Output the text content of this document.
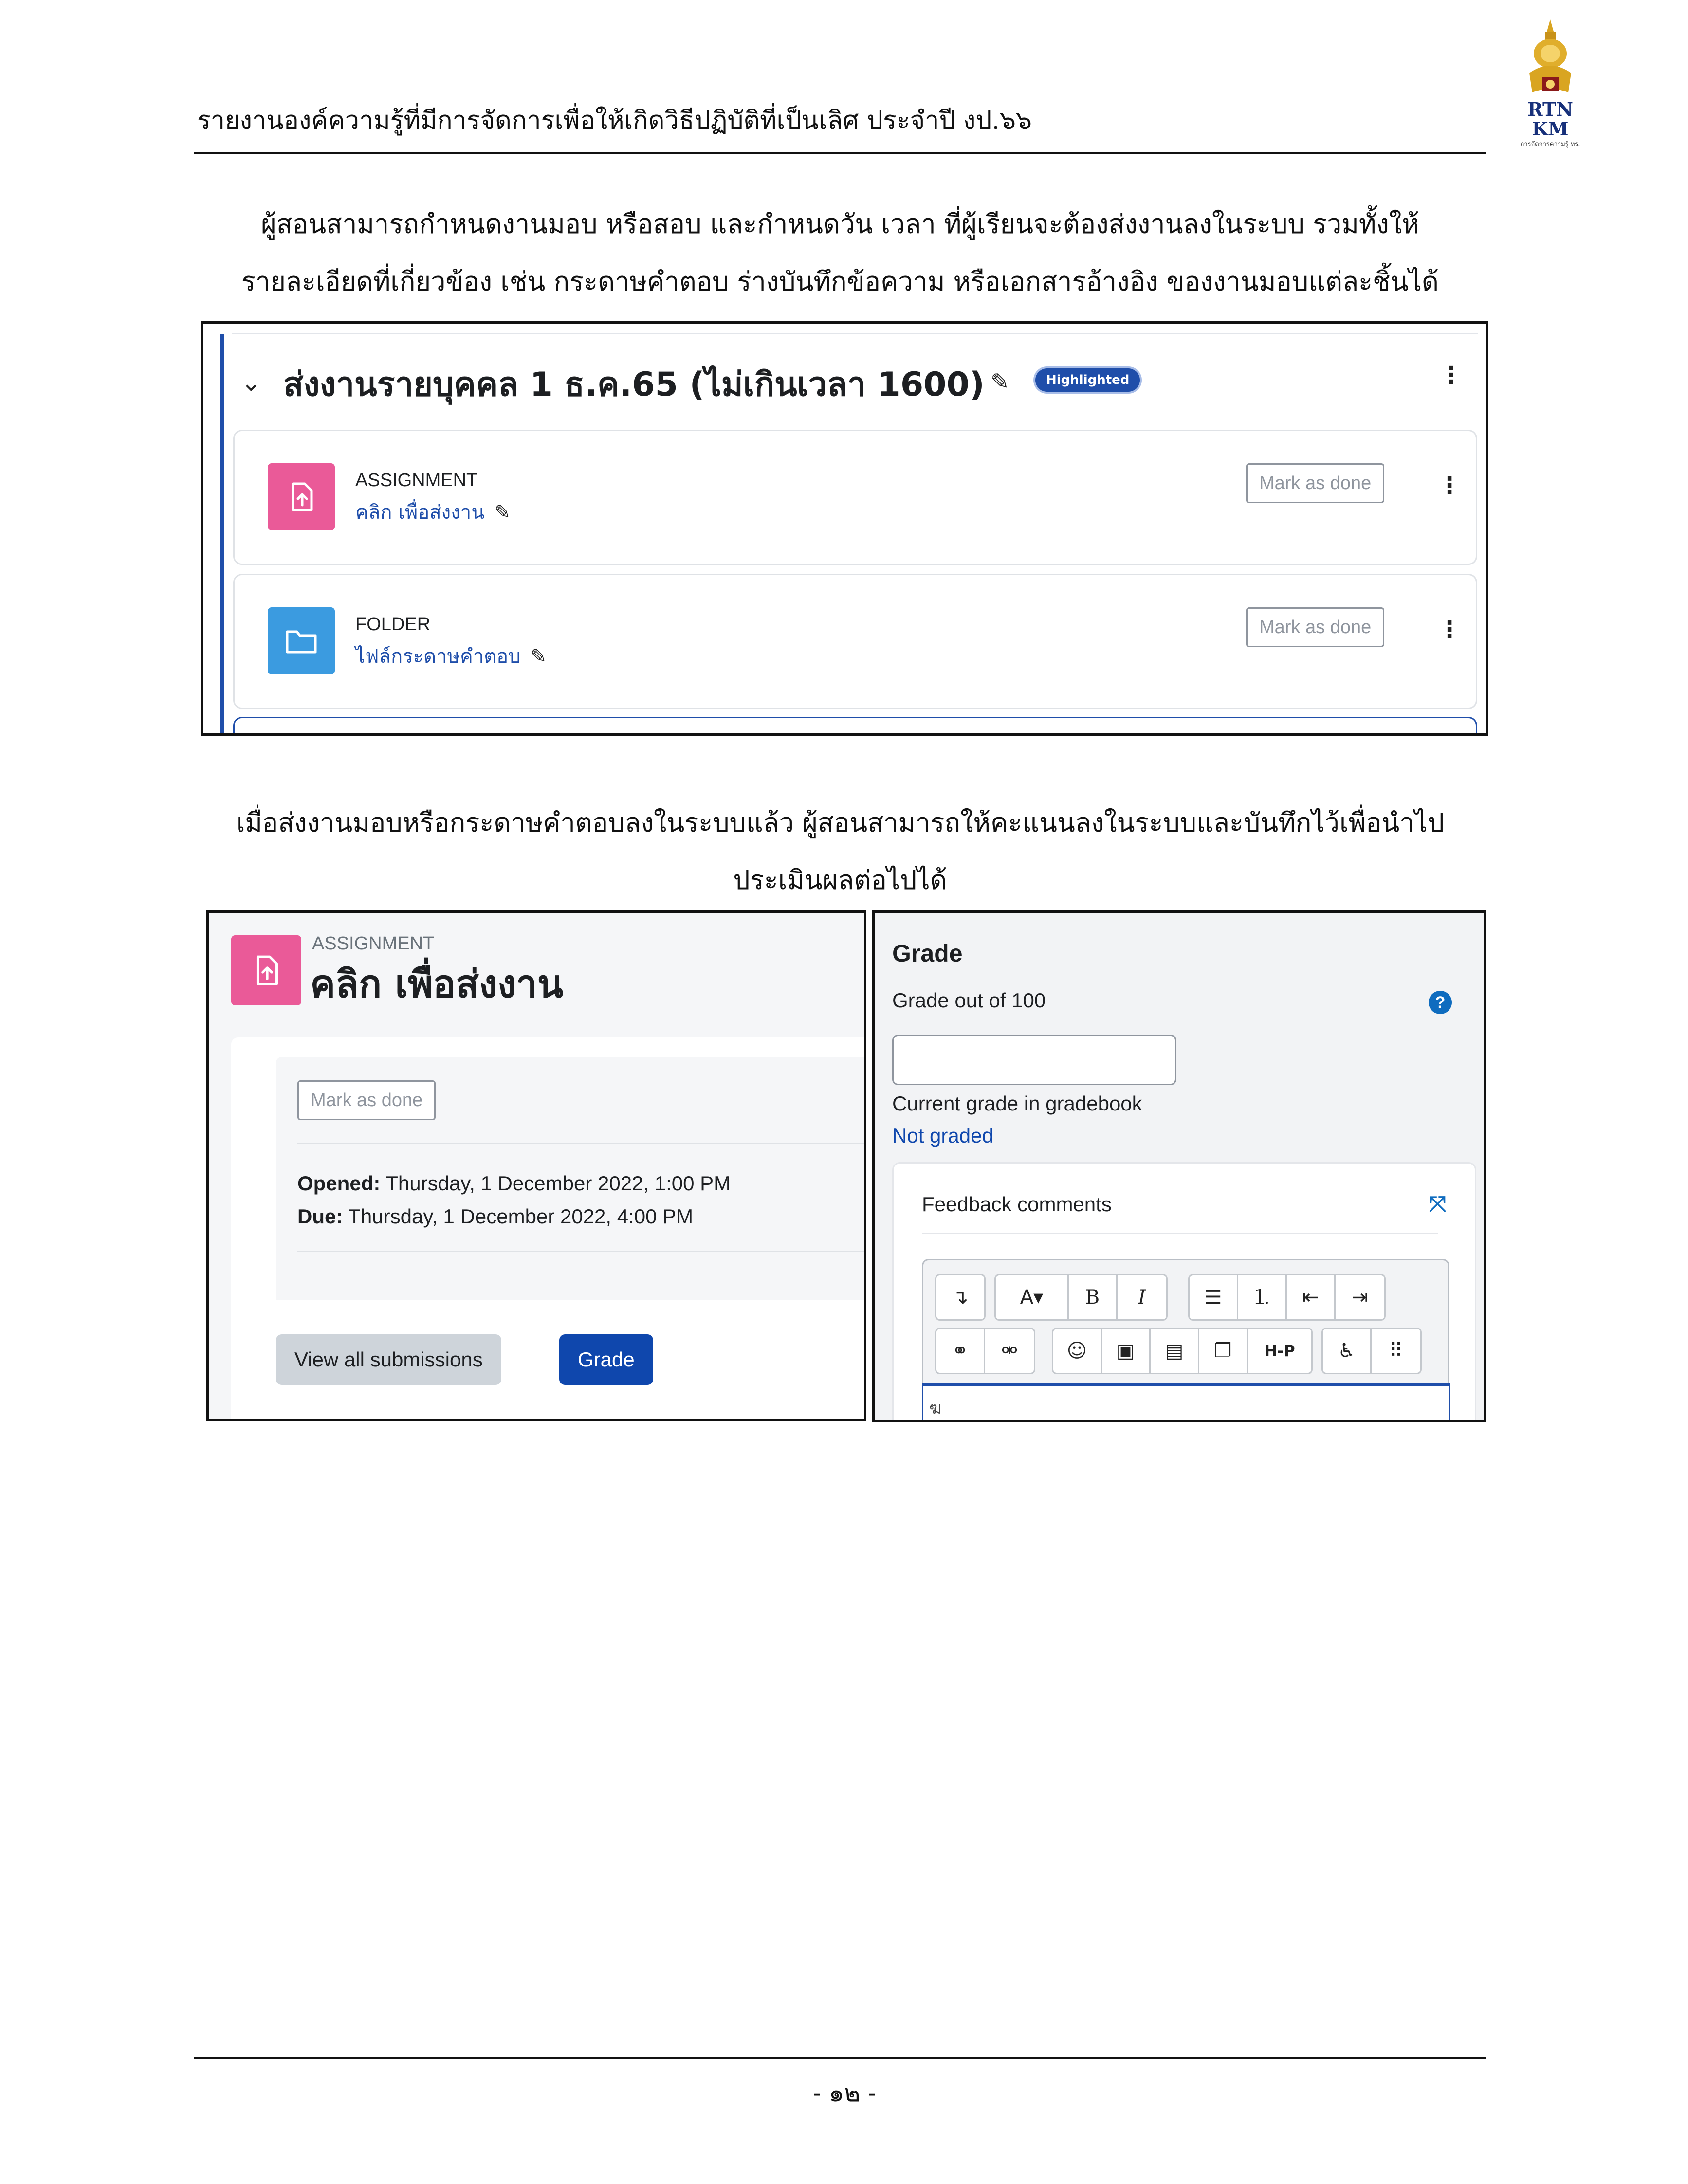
รายงานองค์ความรู้ที่มีการจัดการเพื่อให้เกิดวิธีปฏิบัติที่เป็นเลิศ ประจำปี งป.๖๖	RTN KM
การจัดการความรู้ ทร.

ผู้สอนสามารถกำหนดงานมอบ หรือสอบ และกำหนดวัน เวลา ที่ผู้เรียนจะต้องส่งงานลงในระบบ รวมทั้งให้

รายละเอียดที่เกี่ยวข้อง เช่น กระดาษคำตอบ ร่างบันทึกข้อความ หรือเอกสารอ้างอิง ของงานมอบแต่ละชิ้นได้

⌄ ส่งงานรายบุคคล 1 ธ.ค.65 (ไม่เกินเวลา 1600) ✎	Highlighted	⋮
ASSIGNMENT
คลิก เพื่อส่งงาน ✎
Mark as done	⋮
FOLDER
ไฟล์กระดาษคำตอบ ✎
Mark as done	⋮

เมื่อส่งงานมอบหรือกระดาษคำตอบลงในระบบแล้ว ผู้สอนสามารถให้คะแนนลงในระบบและบันทึกไว้เพื่อนำไป

ประเมินผลต่อไปได้

ASSIGNMENT
คลิก เพื่อส่งงาน
Mark as done
Opened: Thursday, 1 December 2022, 1:00 PM
Due: Thursday, 1 December 2022, 4:00 PM
View all submissions	Grade
Grade
Grade out of 100	?
Current grade in gradebook
Not graded
Feedback comments	⤧
↴	A▾	B	I	☰	⒈	⇤	⇥
⚭	⚮	☺	▣	▤	❐	H-P	♿	⠿
ฆ
- ๑๒ -
